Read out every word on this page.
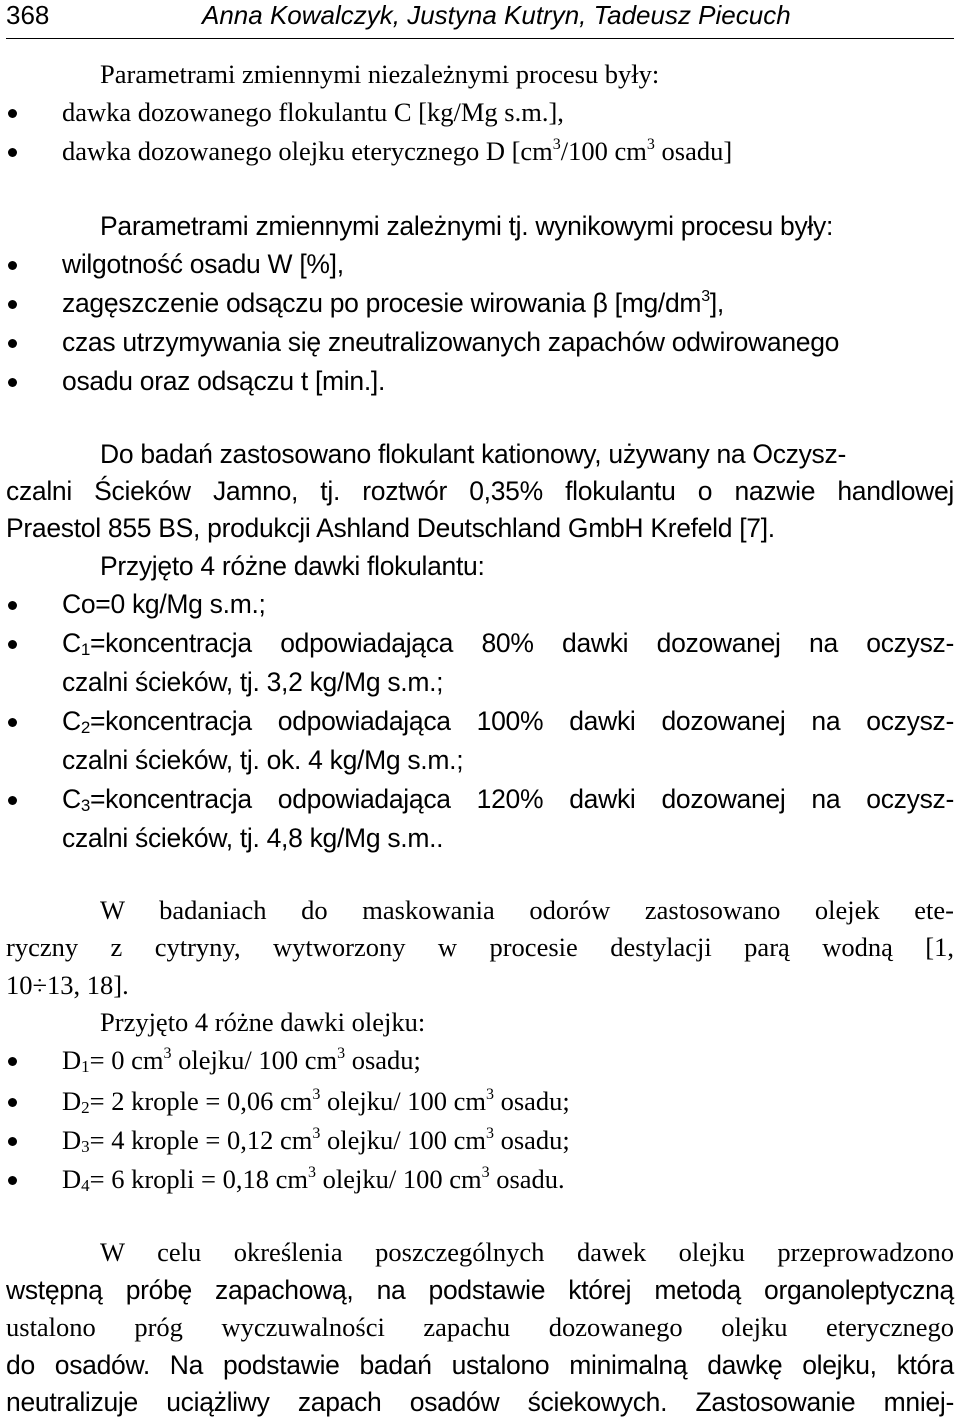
368	Anna Kowalczyk, Justyna Kutryn, Tadeusz Piecuch
Parametrami zmiennymi niezależnymi procesu były:
dawka dozowanego flokulantu C [kg/Mg s.m.],
dawka dozowanego olejku eterycznego D [$cm^3/100$ $cm^3$ osadu]
Parametrami zmiennymi zależnymi tj. wynikowymi procesu były:
wilgotność osadu W [%],
zagęszczenie odsączu po procesie wirowania β $[mg/dm^3]$,
czas utrzymywania się zneutralizowanych zapachów odwirowanego
osadu oraz odsączu t [min.].
Do badań zastosowano flokulant kationowy, używany na Oczysz-
czalni Ścieków Jamno, tj. roztwór 0,35% flokulantu o nazwie handlowej
Praestol 855 BS, produkcji Ashland Deutschland GmbH Krefeld [7].
Przyjęto 4 różne dawki flokulantu:
Co=0 kg/Mg s.m.;
$C_1=koncentracja$ odpowiadająca 80% dawki dozowanej na oczysz-
czalni ścieków, tj. 3,2 kg/Mg s.m.;
$C_2=koncentracja$ odpowiadająca 100% dawki dozowanej na oczysz-
czalni ścieków, tj. ok. 4 kg/Mg s.m.;
$C_3=koncentracja$ odpowiadająca 120% dawki dozowanej na oczysz-
czalni ścieków, tj. 4,8 kg/Mg s.m..
W badaniach do maskowania odorów zastosowano olejek ete-
ryczny z cytryny, wytworzony w procesie destylacji parą wodną [1,
10÷13, 18].
Przyjęto 4 różne dawki olejku:
$D_1= 0$ $cm^3$ olejku/ 100 $cm^3$ osadu;
$D_2= 2$ krople = 0,06 $cm^3$ olejku/ 100 $cm^3$ osadu;
$D_3= 4$ krople = 0,12 $cm^3$ olejku/ 100 $cm^3$ osadu;
$D_4= 6$ kropli = 0,18 $cm^3$ olejku/ 100 $cm^3$ osadu.
W celu określenia poszczególnych dawek olejku przeprowadzono
wstępną próbę zapachową, na podstawie której metodą organoleptyczną
ustalono próg wyczuwalności zapachu dozowanego olejku eterycznego
do osadów. Na podstawie badań ustalono minimalną dawkę olejku, która
neutralizuje uciążliwy zapach osadów ściekowych. Zastosowanie mniej-
